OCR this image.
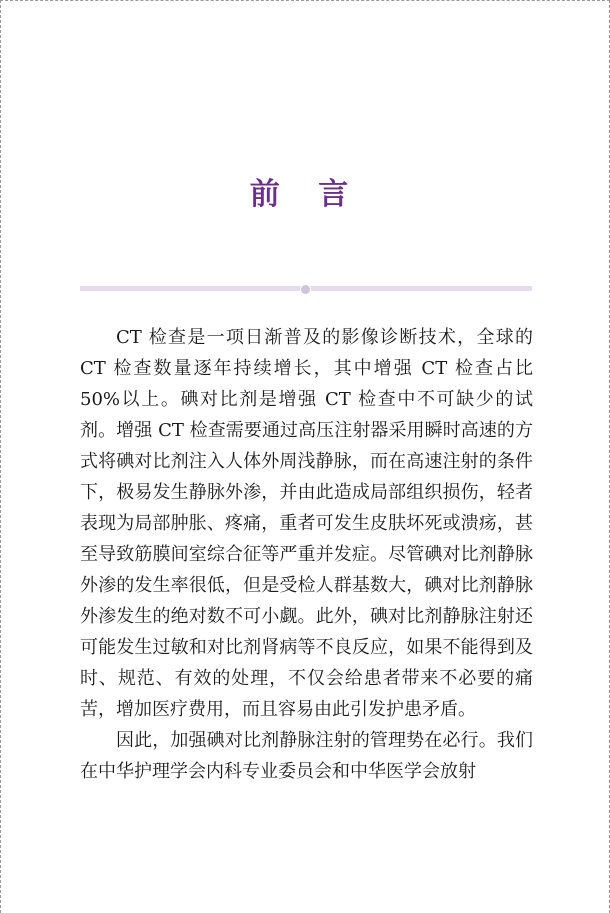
前 言

CT 检查是一项日渐普及的影像诊断技术，全球的 CT 检查数量逐年持续增长，其中增强 CT 检查占比 50%以上。碘对比剂是增强 CT 检查中不可缺少的试剂。增强 CT 检查需要通过高压注射器采用瞬时高速的方式将碘对比剂注入人体外周浅静脉，而在高速注射的条件下，极易发生静脉外渗，并由此造成局部组织损伤，轻者表现为局部肿胀、疼痛，重者可发生皮肤坏死或溃疡，甚至导致筋膜间室综合征等严重并发症。尽管碘对比剂静脉外渗的发生率很低，但是受检人群基数大，碘对比剂静脉外渗发生的绝对数不可小觑。此外，碘对比剂静脉注射还可能发生过敏和对比剂肾病等不良反应，如果不能得到及时、规范、有效的处理，不仅会给患者带来不必要的痛苦，增加医疗费用，而且容易由此引发护患矛盾。

因此，加强碘对比剂静脉注射的管理势在必行。我们在中华护理学会内科专业委员会和中华医学会放射
